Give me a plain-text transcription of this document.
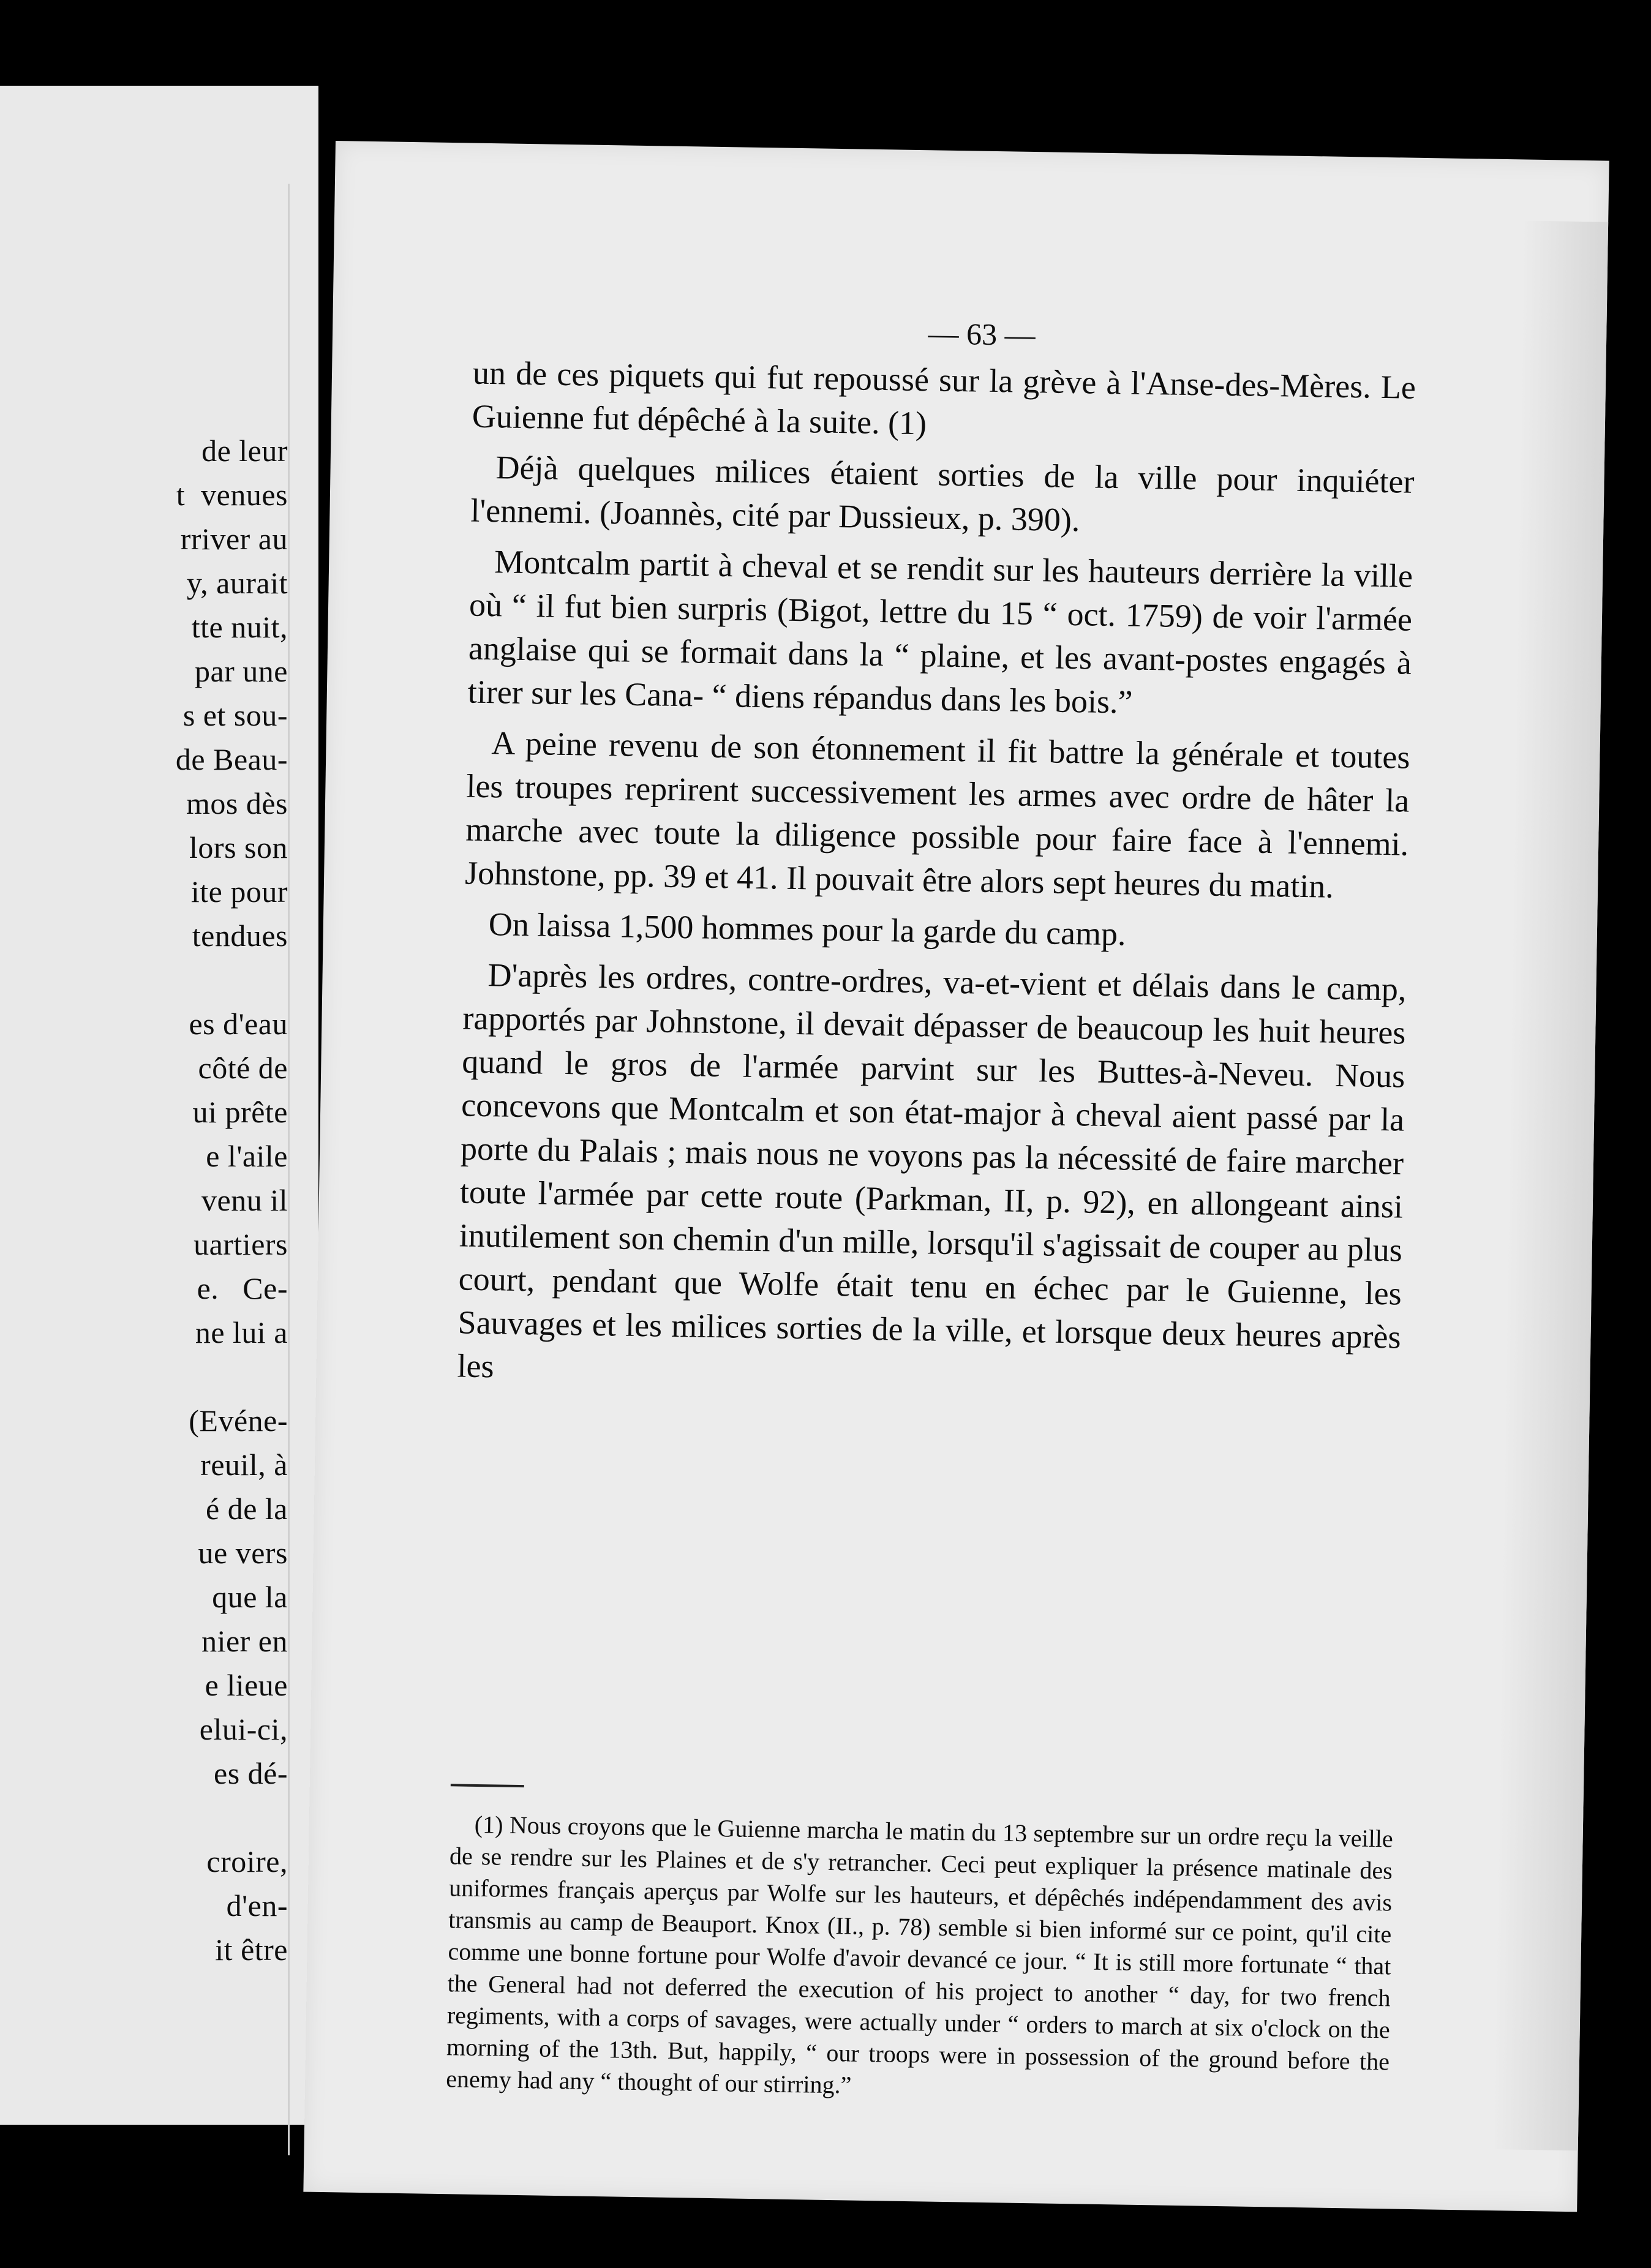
de leur
t  venues
rriver au
y, aurait
tte nuit,
par une
s et sou-
de Beau-
mos dès
lors son
ite pour
tendues
es d'eau
côté de
ui prête
e l'aile
venu il
uartiers
e.   Ce-
ne lui a
(Evéne-
reuil, à
é de la
ue vers
que la
nier en
e lieue
elui-ci,
es dé-
croire,
d'en-
it être
— 63 —

un de ces piquets qui fut repoussé sur la grève à l'Anse-des-Mères. Le Guienne fut dépêché à la suite. (1)

Déjà quelques milices étaient sorties de la ville pour inquiéter l'ennemi. (Joannès, cité par Dussieux, p. 390).

Montcalm partit à cheval et se rendit sur les hauteurs derrière la ville où “ il fut bien surpris (Bigot, lettre du 15 “ oct. 1759) de voir l'armée anglaise qui se formait dans la “ plaine, et les avant-postes engagés à tirer sur les Cana- “ diens répandus dans les bois.”

A peine revenu de son étonnement il fit battre la générale et toutes les troupes reprirent successivement les armes avec ordre de hâter la marche avec toute la diligence possible pour faire face à l'ennemi. Johnstone, pp. 39 et 41. Il pouvait être alors sept heures du matin.

On laissa 1,500 hommes pour la garde du camp.

D'après les ordres, contre-ordres, va-et-vient et délais dans le camp, rapportés par Johnstone, il devait dépasser de beaucoup les huit heures quand le gros de l'armée parvint sur les Buttes-à-Neveu. Nous concevons que Montcalm et son état-major à cheval aient passé par la porte du Palais ; mais nous ne voyons pas la nécessité de faire marcher toute l'armée par cette route (Parkman, II, p. 92), en allongeant ainsi inutilement son chemin d'un mille, lorsqu'il s'agissait de couper au plus court, pendant que Wolfe était tenu en échec par le Guienne, les Sauvages et les milices sorties de la ville, et lorsque deux heures après les

(1) Nous croyons que le Guienne marcha le matin du 13 septembre sur un ordre reçu la veille de se rendre sur les Plaines et de s'y retrancher. Ceci peut expliquer la présence matinale des uniformes français aperçus par Wolfe sur les hauteurs, et dépêchés indépendamment des avis transmis au camp de Beauport. Knox (II., p. 78) semble si bien informé sur ce point, qu'il cite comme une bonne fortune pour Wolfe d'avoir devancé ce jour. “ It is still more fortunate “ that the General had not deferred the execution of his project to another “ day, for two french regiments, with a corps of savages, were actually under “ orders to march at six o'clock on the morning of the 13th. But, happily, “ our troops were in possession of the ground before the enemy had any “ thought of our stirring.”
